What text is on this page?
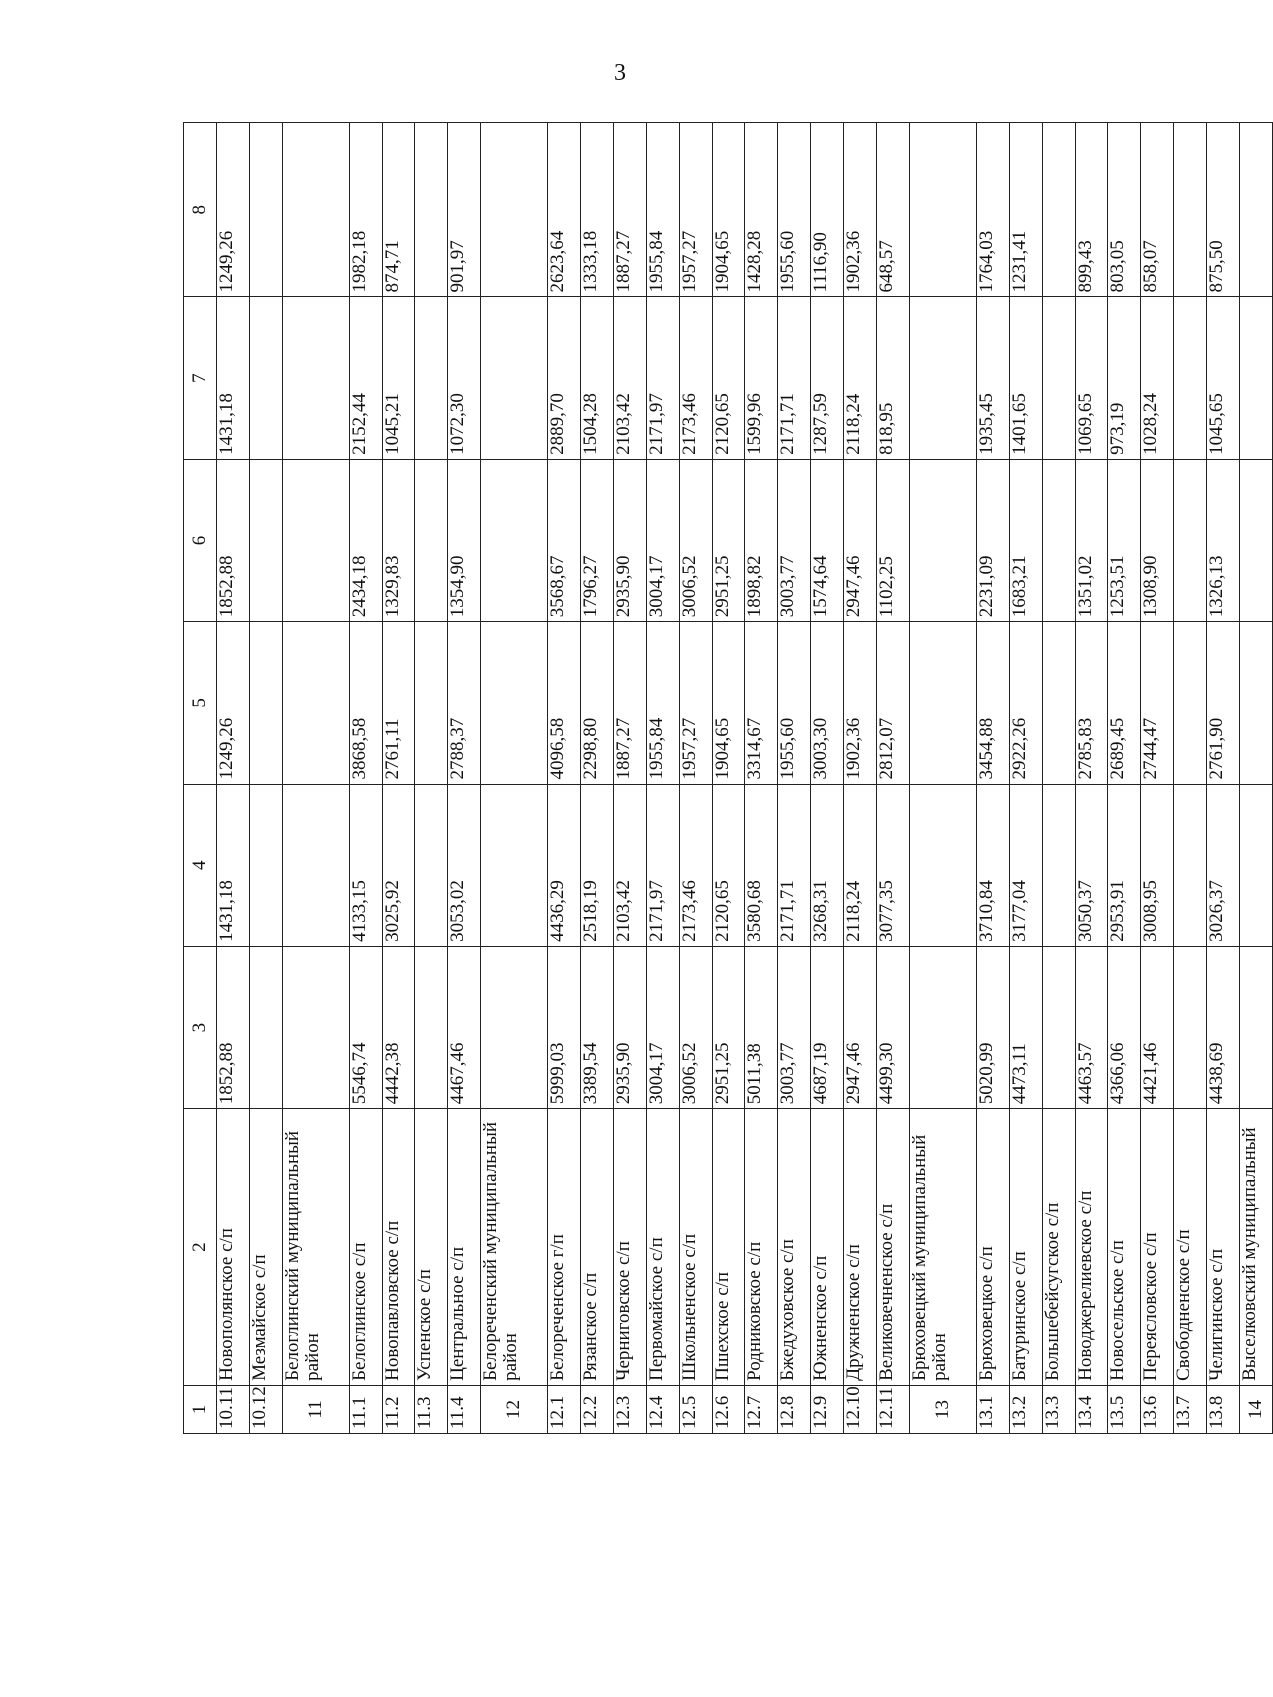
3
1	2	3	4	5	6	7	8
10.11	Новополянское с/п	1852,88	1431,18	1249,26	1852,88	1431,18	1249,26
10.12	Мезмайское с/п						
11	Белоглинский муниципальный район						
11.1	Белоглинское с/п	5546,74	4133,15	3868,58	2434,18	2152,44	1982,18
11.2	Новопавловское с/п	4442,38	3025,92	2761,11	1329,83	1045,21	874,71
11.3	Успенское с/п						
11.4	Центральное с/п	4467,46	3053,02	2788,37	1354,90	1072,30	901,97
12	Белореченский муниципальный район						
12.1	Белореченское г/п	5999,03	4436,29	4096,58	3568,67	2889,70	2623,64
12.2	Рязанское с/п	3389,54	2518,19	2298,80	1796,27	1504,28	1333,18
12.3	Черниговское с/п	2935,90	2103,42	1887,27	2935,90	2103,42	1887,27
12.4	Первомайское с/п	3004,17	2171,97	1955,84	3004,17	2171,97	1955,84
12.5	Школьненское с/п	3006,52	2173,46	1957,27	3006,52	2173,46	1957,27
12.6	Пшехское с/п	2951,25	2120,65	1904,65	2951,25	2120,65	1904,65
12.7	Родниковское с/п	5011,38	3580,68	3314,67	1898,82	1599,96	1428,28
12.8	Бжедуховское с/п	3003,77	2171,71	1955,60	3003,77	2171,71	1955,60
12.9	Южненское с/п	4687,19	3268,31	3003,30	1574,64	1287,59	1116,90
12.10	Дружненское с/п	2947,46	2118,24	1902,36	2947,46	2118,24	1902,36
12.11	Великовечненское с/п	4499,30	3077,35	2812,07	1102,25	818,95	648,57
13	Брюховецкий муниципальный район						
13.1	Брюховецкое с/п	5020,99	3710,84	3454,88	2231,09	1935,45	1764,03
13.2	Батуринское с/п	4473,11	3177,04	2922,26	1683,21	1401,65	1231,41
13.3	Большебейсугское с/п						
13.4	Новоджерелиевское с/п	4463,57	3050,37	2785,83	1351,02	1069,65	899,43
13.5	Новосельское с/п	4366,06	2953,91	2689,45	1253,51	973,19	803,05
13.6	Переясловское с/п	4421,46	3008,95	2744,47	1308,90	1028,24	858,07
13.7	Свободненское с/п						
13.8	Челигинское с/п	4438,69	3026,37	2761,90	1326,13	1045,65	875,50
14	Выселковский муниципальный						
